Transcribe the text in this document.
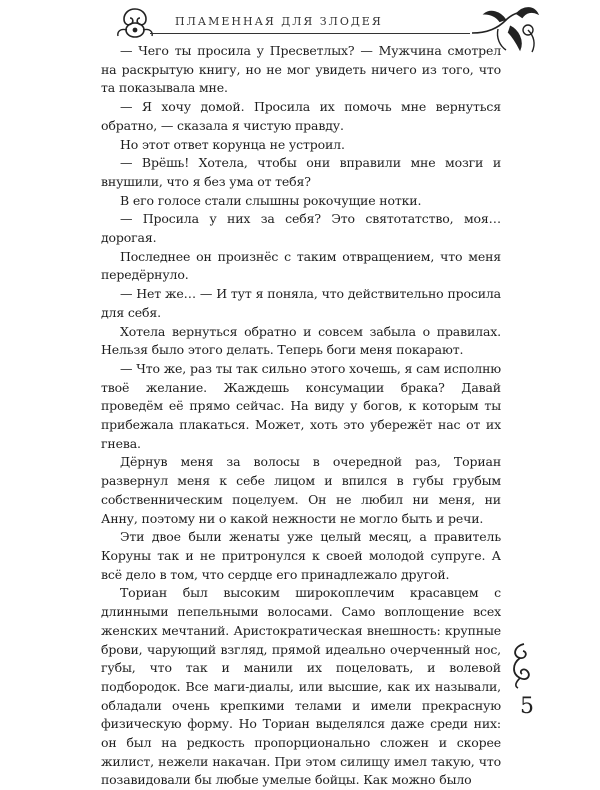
ПЛАМЕННАЯ ДЛЯ ЗЛОДЕЯ

— Чего ты просила у Пресветлых? — Мужчина смотрел на раскрытую книгу, но не мог увидеть ничего из того, что та показывала мне.

— Я хочу домой. Просила их помочь мне вернуться обратно, — сказала я чистую правду.

Но этот ответ корунца не устроил.

— Врёшь! Хотела, чтобы они вправили мне мозги и внушили, что я без ума от тебя?

В его голосе стали слышны рокочущие нотки.

— Просила у них за себя? Это святотатство, моя… дорогая.

Последнее он произнёс с таким отвращением, что меня передёрнуло.

— Нет же… — И тут я поняла, что действительно просила для себя.

Хотела вернуться обратно и совсем забыла о правилах. Нельзя было этого делать. Теперь боги меня покарают.

— Что же, раз ты так сильно этого хочешь, я сам исполню твоё желание. Жаждешь консумации брака? Давай проведём её прямо сейчас. На виду у богов, к которым ты прибежала плакаться. Может, хоть это убережёт нас от их гнева.

Дёрнув меня за волосы в очередной раз, Ториан развернул меня к себе лицом и впился в губы грубым собственническим поцелуем. Он не любил ни меня, ни Анну, поэтому ни о какой нежности не могло быть и речи.

Эти двое были женаты уже целый месяц, а правитель Коруны так и не притронулся к своей молодой супруге. А всё дело в том, что сердце его принадлежало другой.

Ториан был высоким широкоплечим красавцем с длинными пепельными волосами. Само воплощение всех женских мечтаний. Аристократическая внешность: крупные брови, чарующий взгляд, прямой идеально очерченный нос, губы, что так и манили их поцеловать, и волевой подбородок. Все маги-диалы, или высшие, как их называли, обладали очень крепкими телами и имели прекрасную физическую форму. Но Ториан выделялся даже среди них: он был на редкость пропорционально сложен и скорее жилист, нежели накачан. При этом силищу имел такую, что позавидовали бы любые умелые бойцы. Как можно было

5
